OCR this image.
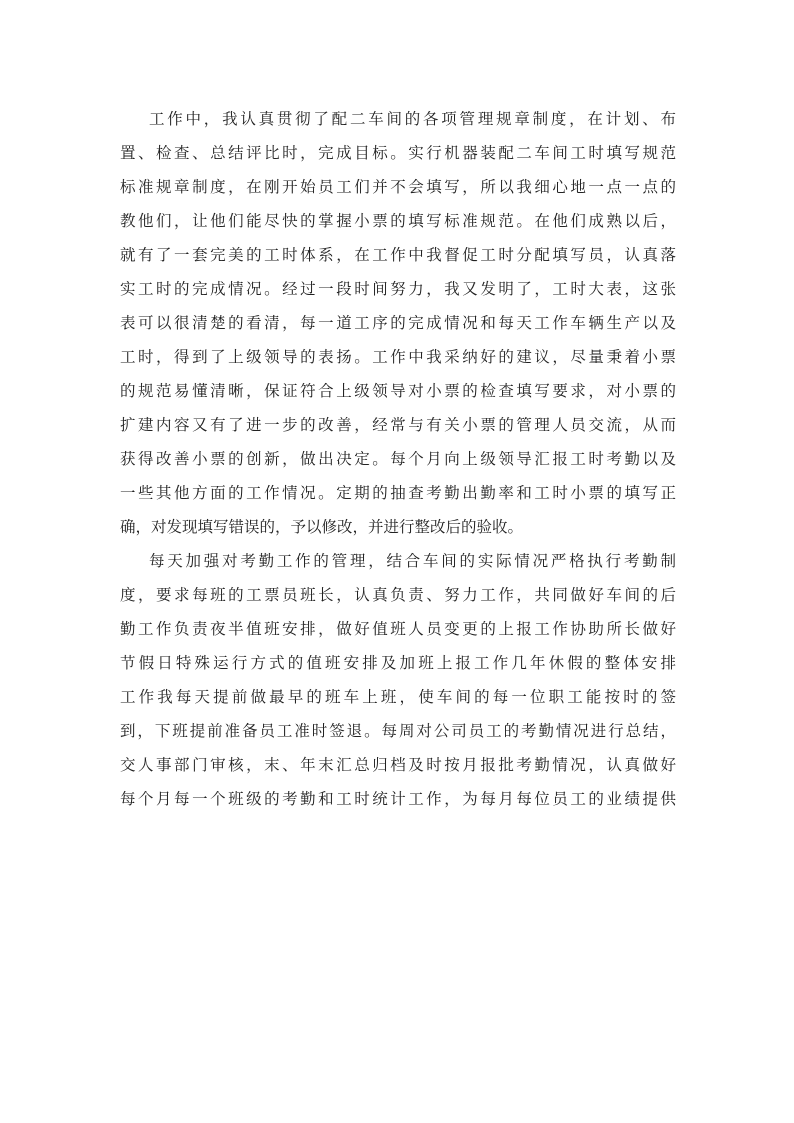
工作中，我认真贯彻了配二车间的各项管理规章制度，在计划、布
置、检查、总结评比时，完成目标。实行机器装配二车间工时填写规范
标准规章制度，在刚开始员工们并不会填写，所以我细心地一点一点的
教他们，让他们能尽快的掌握小票的填写标准规范。在他们成熟以后，
就有了一套完美的工时体系，在工作中我督促工时分配填写员，认真落
实工时的完成情况。经过一段时间努力，我又发明了，工时大表，这张
表可以很清楚的看清，每一道工序的完成情况和每天工作车辆生产以及
工时，得到了上级领导的表扬。工作中我采纳好的建议，尽量秉着小票
的规范易懂清晰，保证符合上级领导对小票的检查填写要求，对小票的
扩建内容又有了进一步的改善，经常与有关小票的管理人员交流，从而
获得改善小票的创新，做出决定。每个月向上级领导汇报工时考勤以及
一些其他方面的工作情况。定期的抽查考勤出勤率和工时小票的填写正
确，对发现填写错误的，予以修改，并进行整改后的验收。
每天加强对考勤工作的管理，结合车间的实际情况严格执行考勤制
度，要求每班的工票员班长，认真负责、努力工作，共同做好车间的后
勤工作负责夜半值班安排，做好值班人员变更的上报工作协助所长做好
节假日特殊运行方式的值班安排及加班上报工作几年休假的整体安排
工作我每天提前做最早的班车上班，使车间的每一位职工能按时的签
到，下班提前准备员工准时签退。每周对公司员工的考勤情况进行总结，
交人事部门审核，末、年末汇总归档及时按月报批考勤情况，认真做好
每个月每一个班级的考勤和工时统计工作，为每月每位员工的业绩提供
